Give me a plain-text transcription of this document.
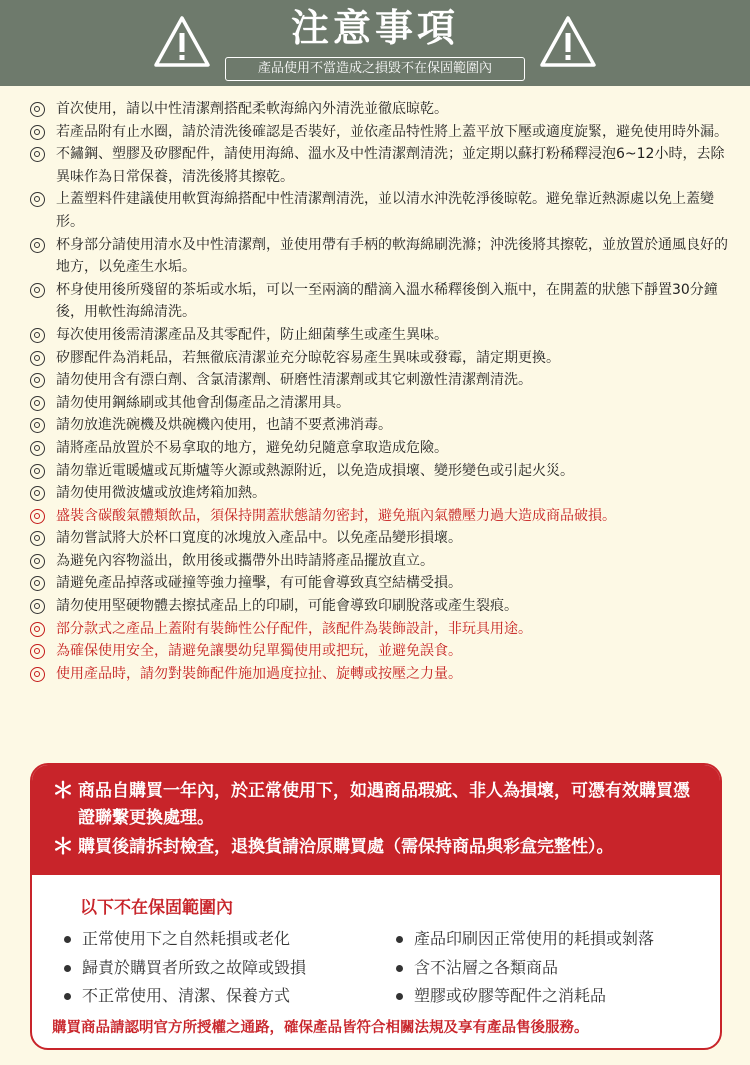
注意事項
產品使用不當造成之損毀不在保固範圍內
首次使用，請以中性清潔劑搭配柔軟海綿內外清洗並徹底晾乾。
若產品附有止水圈，請於清洗後確認是否裝好，並依產品特性將上蓋平放下壓或適度旋緊，避免使用時外漏。
不鏽鋼、塑膠及矽膠配件，請使用海綿、溫水及中性清潔劑清洗；並定期以蘇打粉稀釋浸泡6~12小時，去除異味作為日常保養，清洗後將其擦乾。
上蓋塑料件建議使用軟質海綿搭配中性清潔劑清洗，並以清水沖洗乾淨後晾乾。避免靠近熱源處以免上蓋變形。
杯身部分請使用清水及中性清潔劑，並使用帶有手柄的軟海綿刷洗滌；沖洗後將其擦乾，並放置於通風良好的地方，以免產生水垢。
杯身使用後所殘留的茶垢或水垢，可以一至兩滴的醋滴入溫水稀釋後倒入瓶中，在開蓋的狀態下靜置30分鐘後，用軟性海綿清洗。
每次使用後需清潔產品及其零配件，防止細菌孳生或產生異味。
矽膠配件為消耗品，若無徹底清潔並充分晾乾容易產生異味或發霉，請定期更換。
請勿使用含有漂白劑、含氯清潔劑、研磨性清潔劑或其它刺激性清潔劑清洗。
請勿使用鋼絲刷或其他會刮傷產品之清潔用具。
請勿放進洗碗機及烘碗機內使用，也請不要煮沸消毒。
請將產品放置於不易拿取的地方，避免幼兒隨意拿取造成危險。
請勿靠近電暖爐或瓦斯爐等火源或熱源附近，以免造成損壞、變形變色或引起火災。
請勿使用微波爐或放進烤箱加熱。
盛裝含碳酸氣體類飲品，須保持開蓋狀態請勿密封，避免瓶內氣體壓力過大造成商品破損。
請勿嘗試將大於杯口寬度的冰塊放入產品中。以免產品變形損壞。
為避免內容物溢出，飲用後或攜帶外出時請將產品擺放直立。
請避免產品掉落或碰撞等強力撞擊，有可能會導致真空結構受損。
請勿使用堅硬物體去擦拭產品上的印刷，可能會導致印刷脫落或產生裂痕。
部分款式之產品上蓋附有裝飾性公仔配件，該配件為裝飾設計，非玩具用途。
為確保使用安全，請避免讓嬰幼兒單獨使用或把玩，並避免誤食。
使用產品時，請勿對裝飾配件施加過度拉扯、旋轉或按壓之力量。
＊ 商品自購買一年內，於正常使用下，如遇商品瑕疵、非人為損壞，可憑有效購買憑證聯繫更換處理。
＊ 購買後請拆封檢查，退換貨請洽原購買處（需保持商品與彩盒完整性）。
以下不在保固範圍內
正常使用下之自然耗損或老化
歸責於購買者所致之故障或毀損
不正常使用、清潔、保養方式
產品印刷因正常使用的耗損或剝落
含不沾層之各類商品
塑膠或矽膠等配件之消耗品
購買商品請認明官方所授權之通路，確保產品皆符合相關法規及享有產品售後服務。
